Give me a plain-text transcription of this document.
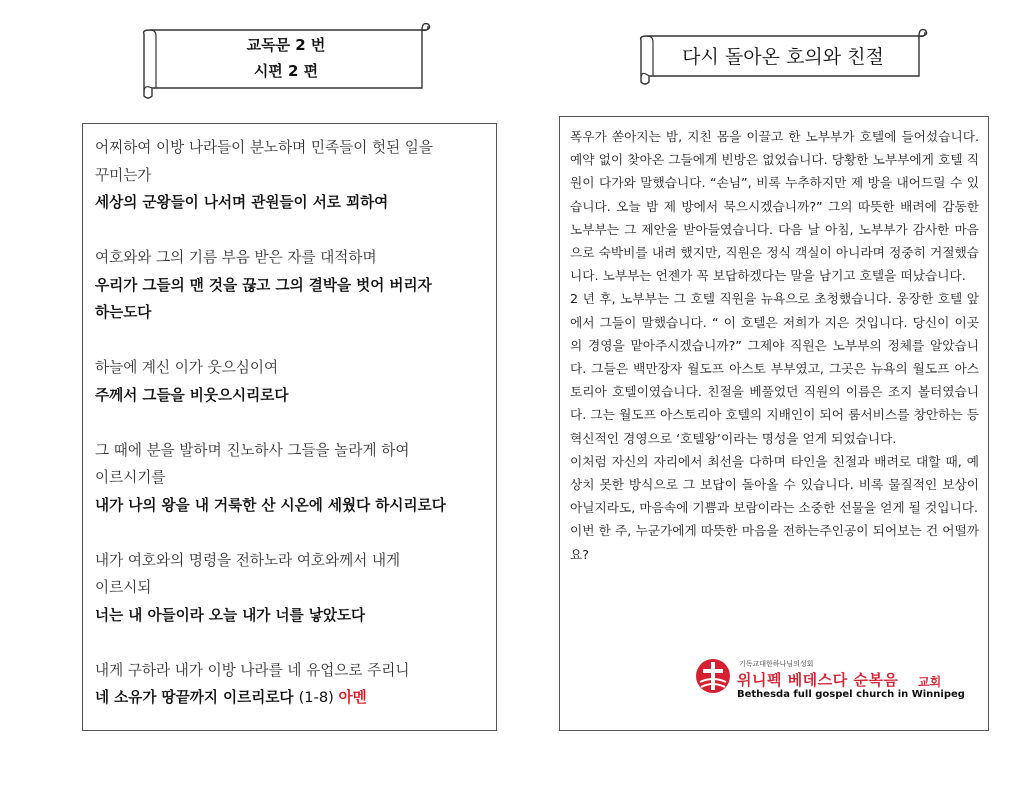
교독문 2 번
시편 2 편
다시 돌아온 호의와 친절
어찌하여 이방 나라들이 분노하며 민족들이 헛된 일을
꾸미는가
세상의 군왕들이 나서며 관원들이 서로 꾀하여
여호와와 그의 기름 부음 받은 자를 대적하며
우리가 그들의 맨 것을 끊고 그의 결박을 벗어 버리자
하는도다
하늘에 계신 이가 웃으심이여
주께서 그들을 비웃으시리로다
그 때에 분을 발하며 진노하사 그들을 놀라게 하여
이르시기를
내가 나의 왕을 내 거룩한 산 시온에 세웠다 하시리로다
내가 여호와의 명령을 전하노라 여호와께서 내게
이르시되
너는 내 아들이라 오늘 내가 너를 낳았도다
내게 구하라 내가 이방 나라를 네 유업으로 주리니
네 소유가 땅끝까지 이르리로다 (1-8) 아멘

폭우가 쏟아지는 밤, 지친 몸을 이끌고 한 노부부가 호텔에 들어섰습니다. 예약 없이 찾아온 그들에게 빈방은 없었습니다. 당황한 노부부에게 호텔 직원이 다가와 말했습니다. “손님”, 비록 누추하지만 제 방을 내어드릴 수 있습니다. 오늘 밤 제 방에서 묵으시겠습니까?” 그의 따뜻한 배려에 감동한 노부부는 그 제안을 받아들였습니다. 다음 날 아침, 노부부가 감사한 마음으로 숙박비를 내려 했지만, 직원은 정식 객실이 아니라며 정중히 거절했습니다. 노부부는 언젠가 꼭 보답하겠다는 말을 남기고 호텔을 떠났습니다.

2 년 후, 노부부는 그 호텔 직원을 뉴욕으로 초청했습니다. 웅장한 호텔 앞에서 그들이 말했습니다. “ 이 호텔은 저희가 지은 것입니다. 당신이 이곳의 경영을 맡아주시겠습니까?” 그제야 직원은 노부부의 정체를 알았습니다. 그들은 백만장자 월도프 아스토 부부였고, 그곳은 뉴욕의 월도프 아스토리아 호텔이였습니다. 친절을 베풀었던 직원의 이름은 조지 볼터였습니다. 그는 월도프 아스토리아 호텔의 지배인이 되어 룸서비스를 창안하는 등 혁신적인 경영으로 ‘호텔왕’이라는 명성을 얻게 되었습니다.

이처럼 자신의 자리에서 최선을 다하며 타인을 친절과 배려로 대할 때, 예상치 못한 방식으로 그 보답이 돌아올 수 있습니다. 비록 물질적인 보상이 아닐지라도, 마음속에 기쁨과 보람이라는 소중한 선물을 얻게 될 것입니다.

이번 한 주, 누군가에게 따뜻한 마음을 전하는주인공이 되어보는 건 어떨까요?

기독교대한하나님의성회
위니펙 베데스다 순복음 교회
Bethesda full gospel church in Winnipeg
